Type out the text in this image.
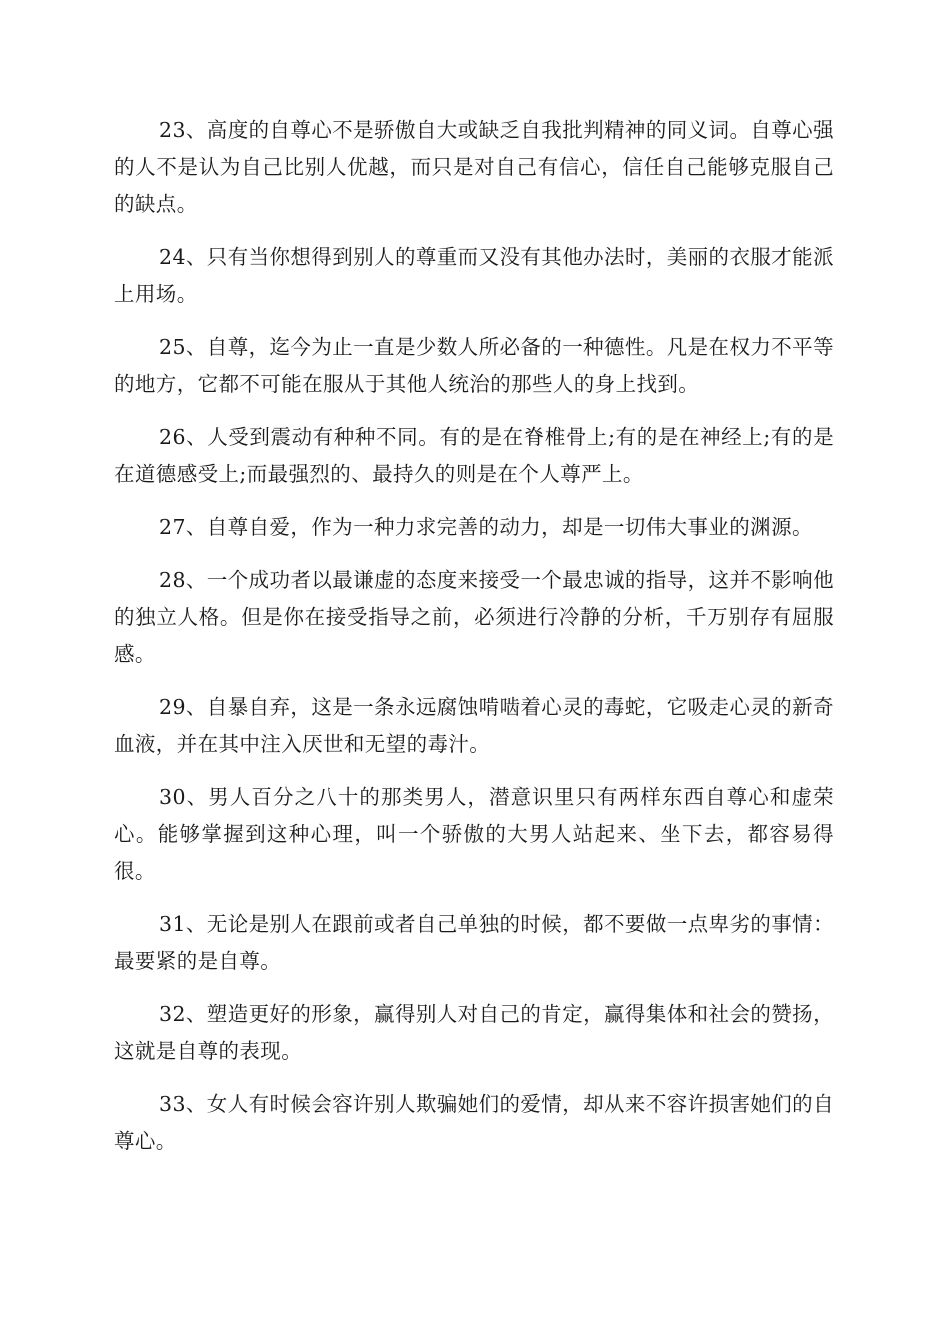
23、高度的自尊心不是骄傲自大或缺乏自我批判精神的同义词。自尊心强的人不是认为自己比别人优越，而只是对自己有信心，信任自己能够克服自己的缺点。

24、只有当你想得到别人的尊重而又没有其他办法时，美丽的衣服才能派上用场。

25、自尊，迄今为止一直是少数人所必备的一种德性。凡是在权力不平等的地方，它都不可能在服从于其他人统治的那些人的身上找到。

26、人受到震动有种种不同。有的是在脊椎骨上;有的是在神经上;有的是在道德感受上;而最强烈的、最持久的则是在个人尊严上。

27、自尊自爱，作为一种力求完善的动力，却是一切伟大事业的渊源。

28、一个成功者以最谦虚的态度来接受一个最忠诚的指导，这并不影响他的独立人格。但是你在接受指导之前，必须进行冷静的分析，千万别存有屈服感。

29、自暴自弃，这是一条永远腐蚀啃啮着心灵的毒蛇，它吸走心灵的新奇血液，并在其中注入厌世和无望的毒汁。

30、男人百分之八十的那类男人，潜意识里只有两样东西自尊心和虚荣心。能够掌握到这种心理，叫一个骄傲的大男人站起来、坐下去，都容易得很。

31、无论是别人在跟前或者自己单独的时候，都不要做一点卑劣的事情：最要紧的是自尊。

32、塑造更好的形象，赢得别人对自己的肯定，赢得集体和社会的赞扬，这就是自尊的表现。

33、女人有时候会容许别人欺骗她们的爱情，却从来不容许损害她们的自尊心。
